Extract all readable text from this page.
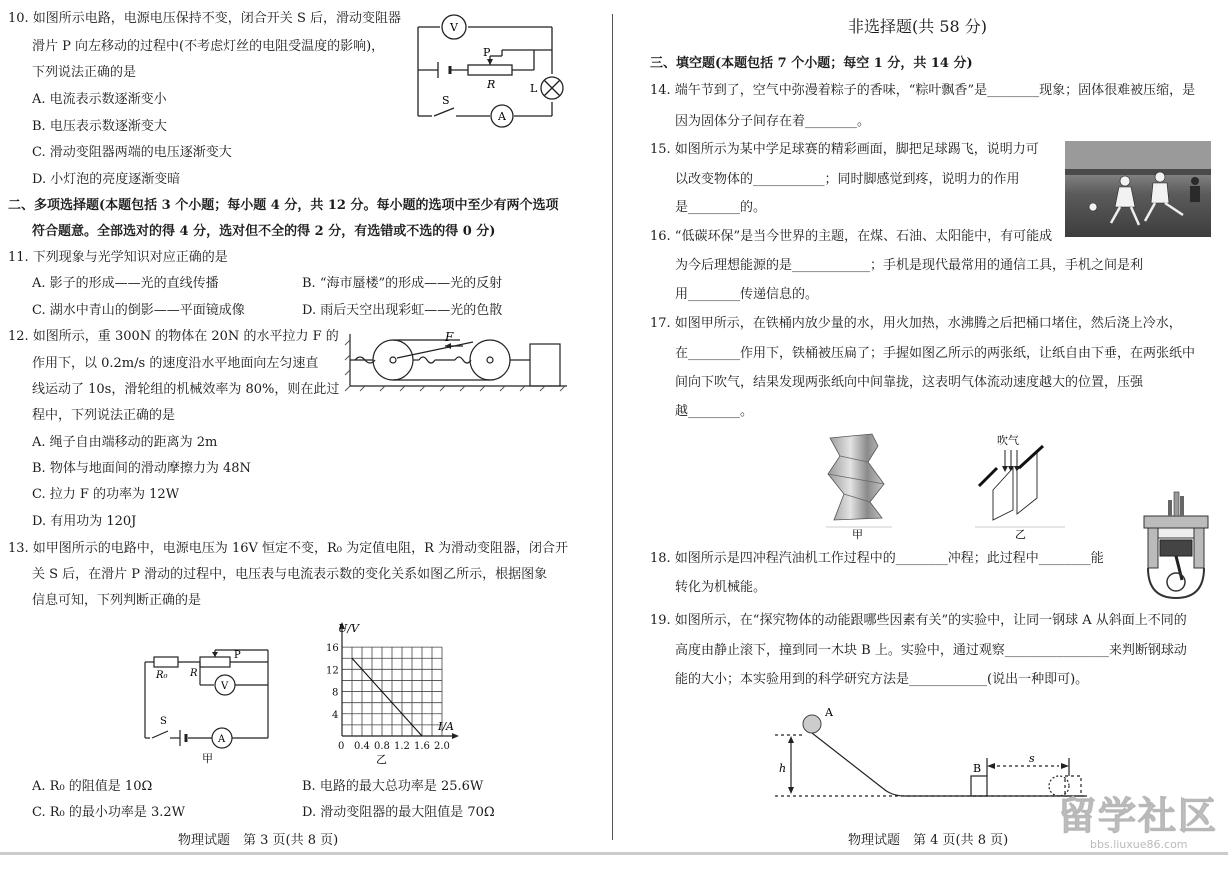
10. 如图所示电路，电源电压保持不变，闭合开关 S 后，滑动变阻器
滑片 P 向左移动的过程中(不考虑灯丝的电阻受温度的影响)，
下列说法正确的是
A. 电流表示数逐渐变小
B. 电压表示数逐渐变大
C. 滑动变阻器两端的电压逐渐变大
D. 小灯泡的亮度逐渐变暗
V
P
R	L
S
A
二、多项选择题(本题包括 3 个小题；每小题 4 分，共 12 分。每小题的选项中至少有两个选项
符合题意。全部选对的得 4 分，选对但不全的得 2 分，有选错或不选的得 0 分)
11. 下列现象与光学知识对应正确的是
A. 影子的形成——光的直线传播	B. “海市蜃楼”的形成——光的反射
C. 湖水中青山的倒影——平面镜成像	D. 雨后天空出现彩虹——光的色散
12. 如图所示，重 300N 的物体在 20N 的水平拉力 F 的
作用下，以 0.2m/s 的速度沿水平地面向左匀速直
线运动了 10s，滑轮组的机械效率为 80%，则在此过
程中，下列说法正确的是
A. 绳子自由端移动的距离为 2m
B. 物体与地面间的滑动摩擦力为 48N
C. 拉力 F 的功率为 12W
D. 有用功为 120J
F
13. 如甲图所示的电路中，电源电压为 16V 恒定不变，R₀ 为定值电阻，R 为滑动变阻器，闭合开
关 S 后，在滑片 P 滑动的过程中，电压表与电流表示数的变化关系如图乙所示，根据图象
信息可知，下列判断正确的是
R₀ R
P
V
S
A
甲
0 0.4 0.8 1.2 1.6 2.0
4
8
12
16
U/V
I/A
乙
A. R₀ 的阻值是 10Ω	B. 电路的最大总功率是 25.6W
C. R₀ 的最小功率是 3.2W	D. 滑动变阻器的最大阻值是 70Ω
物理试题　第 3 页(共 8 页)
非选择题(共 58 分)
三、填空题(本题包括 7 个小题；每空 1 分，共 14 分)
14. 端午节到了，空气中弥漫着粽子的香味，“粽叶飘香”是________现象；固体很难被压缩，是
因为固体分子间存在着________。
15. 如图所示为某中学足球赛的精彩画面，脚把足球踢飞，说明力可
以改变物体的___________；同时脚感觉到疼，说明力的作用
是________的。
16. “低碳环保”是当今世界的主题，在煤、石油、太阳能中，有可能成
为今后理想能源的是____________；手机是现代最常用的通信工具，手机之间是利
用________传递信息的。
17. 如图甲所示，在铁桶内放少量的水，用火加热，水沸腾之后把桶口堵住，然后浇上冷水，
在________作用下，铁桶被压扁了；手握如图乙所示的两张纸，让纸自由下垂，在两张纸中
间向下吹气，结果发现两张纸向中间靠拢，这表明气体流动速度越大的位置，压强
越________。
甲
吹气
乙
18. 如图所示是四冲程汽油机工作过程中的________冲程；此过程中________能
转化为机械能。
19. 如图所示，在“探究物体的动能跟哪些因素有关”的实验中，让同一钢球 A 从斜面上不同的
高度由静止滚下，撞到同一木块 B 上。实验中，通过观察________________来判断钢球动
能的大小；本实验用到的科学研究方法是____________(说出一种即可)。
A
h	B
s
物理试题　第 4 页(共 8 页)
留学社区
bbs.liuxue86.com
